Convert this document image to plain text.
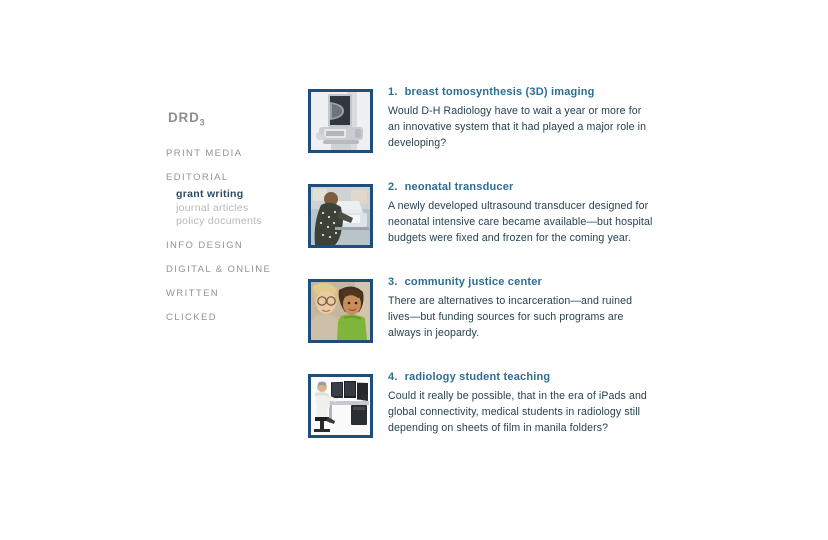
$DRD_3$
PRINT MEDIA
EDITORIAL
grant writing
journal articles
policy documents
INFO DESIGN
DIGITAL & ONLINE
WRITTEN
CLICKED
1. breast tomosynthesis (3D) imaging
Would D-H Radiology have to wait a year or more for an innovative system that it had played a major role in developing?
2. neonatal transducer
A newly developed ultrasound transducer designed for neonatal intensive care became available—but hospital budgets were fixed and frozen for the coming year.
3. community justice center
There are alternatives to incarceration—and ruined lives—but funding sources for such programs are always in jeopardy.
4. radiology student teaching
Could it really be possible, that in the era of iPads and global connectivity, medical students in radiology still depending on sheets of film in manila folders?
